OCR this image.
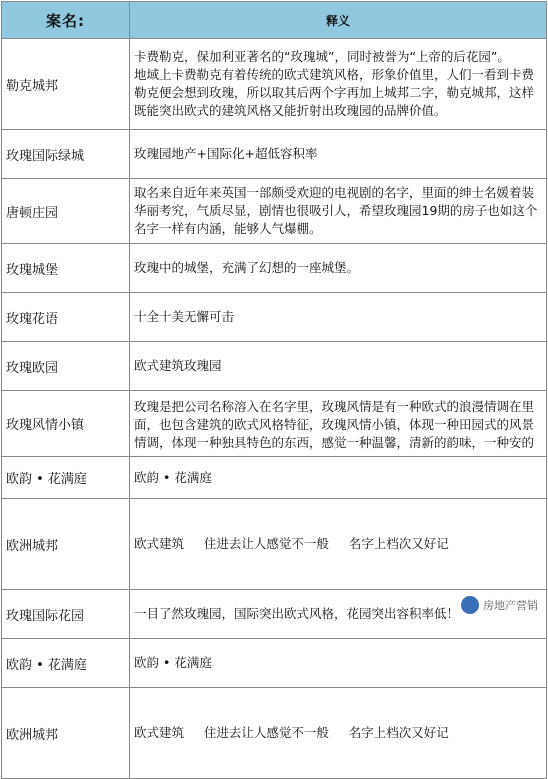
案名:	释义
勒克城邦	卡费勒克，保加利亚著名的“玫瑰城”，同时被誉为“上帝的后花园”。
地域上卡费勒克有着传统的欧式建筑风格，形象价值里，人们一看到卡费
勒克便会想到玫瑰，所以取其后两个字再加上城邦二字，勒克城邦，这样
既能突出欧式的建筑风格又能折射出玫瑰园的品牌价值。

玫瑰国际绿城	玫瑰园地产+国际化+超低容积率

唐顿庄园	取名来自近年来英国一部颇受欢迎的电视剧的名字，里面的绅士名媛着装
华丽考究，气质尽显，剧情也很吸引人，希望玫瑰园19期的房子也如这个
名字一样有内涵，能够人气爆棚。

玫瑰城堡	玫瑰中的城堡，充满了幻想的一座城堡。

玫瑰花语	十全十美无懈可击

玫瑰欧园	欧式建筑玫瑰园

玫瑰风情小镇	玫瑰是把公司名称溶入在名字里，玫瑰风情是有一种欧式的浪漫情调在里
面，也包含建筑的欧式风格特征，玫瑰风情小镇，体现一种田园式的风景
情调，体现一种独具特色的东西，感觉一种温馨，清新的韵味，一种安的

欧韵 • 花满庭	欧韵 • 花满庭

欧洲城邦	欧式建筑     住进去让人感觉不一般     名字上档次又好记

玫瑰国际花园	一目了然玫瑰园，国际突出欧式风格，花园突出容积率低！

欧韵 • 花满庭	欧韵 • 花满庭

欧洲城邦	欧式建筑     住进去让人感觉不一般     名字上档次又好记

房地产营销
